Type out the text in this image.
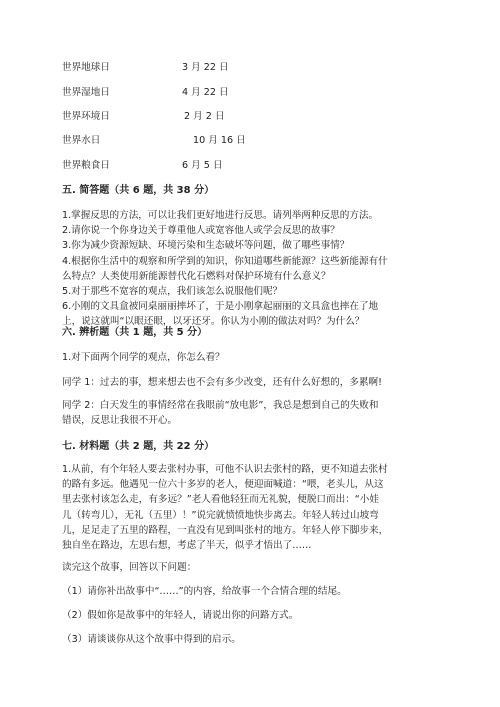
世界地球日	3 月 22 日
世界湿地日	4 月 22 日
世界环境日	2 月 2 日
世界水日	10 月 16 日
世界粮食日	6 月 5 日
五. 简答题（共 6 题，共 38 分）
1.掌握反思的方法，可以让我们更好地进行反思。请列举两种反思的方法。
2.请你说一个你身边关于尊重他人或宽容他人或学会反思的故事？
3.你为减少资源短缺、环境污染和生态破坏等问题，做了哪些事情？
4.根据你生活中的观察和所学到的知识，你知道哪些新能源？这些新能源有什
么特点？人类使用新能源替代化石燃料对保护环境有什么意义？
5.对于那些不宽容的观点，我们该怎么说服他们呢？
6.小刚的文具盒被同桌丽丽摔坏了，于是小刚拿起丽丽的文具盒也摔在了地
上，说这就叫“以眼还眼，以牙还牙。你认为小刚的做法对吗？为什么？
六. 辨析题（共 1 题，共 5 分）
1.对下面两个同学的观点，你怎么看？
同学 1：过去的事，想来想去也不会有多少改变，还有什么好想的，多累啊!
同学 2：白天发生的事情经常在我眼前“放电影”，我总是想到自己的失败和
错误，反思让我很不开心。
七. 材料题（共 2 题，共 22 分）
1.从前，有个年轻人要去张村办事，可他不认识去张村的路，更不知道去张村
的路有多远。他遇见一位六十多岁的老人，便迎面喊道：“喂，老头儿，从这
里去张村该怎么走，有多远？”老人看他轻狂而无礼貌，便脱口而出：“小娃
儿（转弯儿），无礼（五里）！”说完就愤愤地快步离去。年轻人转过山坡弯
儿，足足走了五里的路程，一直没有见到叫张村的地方。年轻人停下脚步来，
独自坐在路边，左思右想，考虑了半天，似乎才悟出了……
读完这个故事，回答以下问题：
（1）请你补出故事中“……”的内容，给故事一个合情合理的结尾。
（2）假如你是故事中的年轻人，请说出你的问路方式。
（3）请谈谈你从这个故事中得到的启示。
